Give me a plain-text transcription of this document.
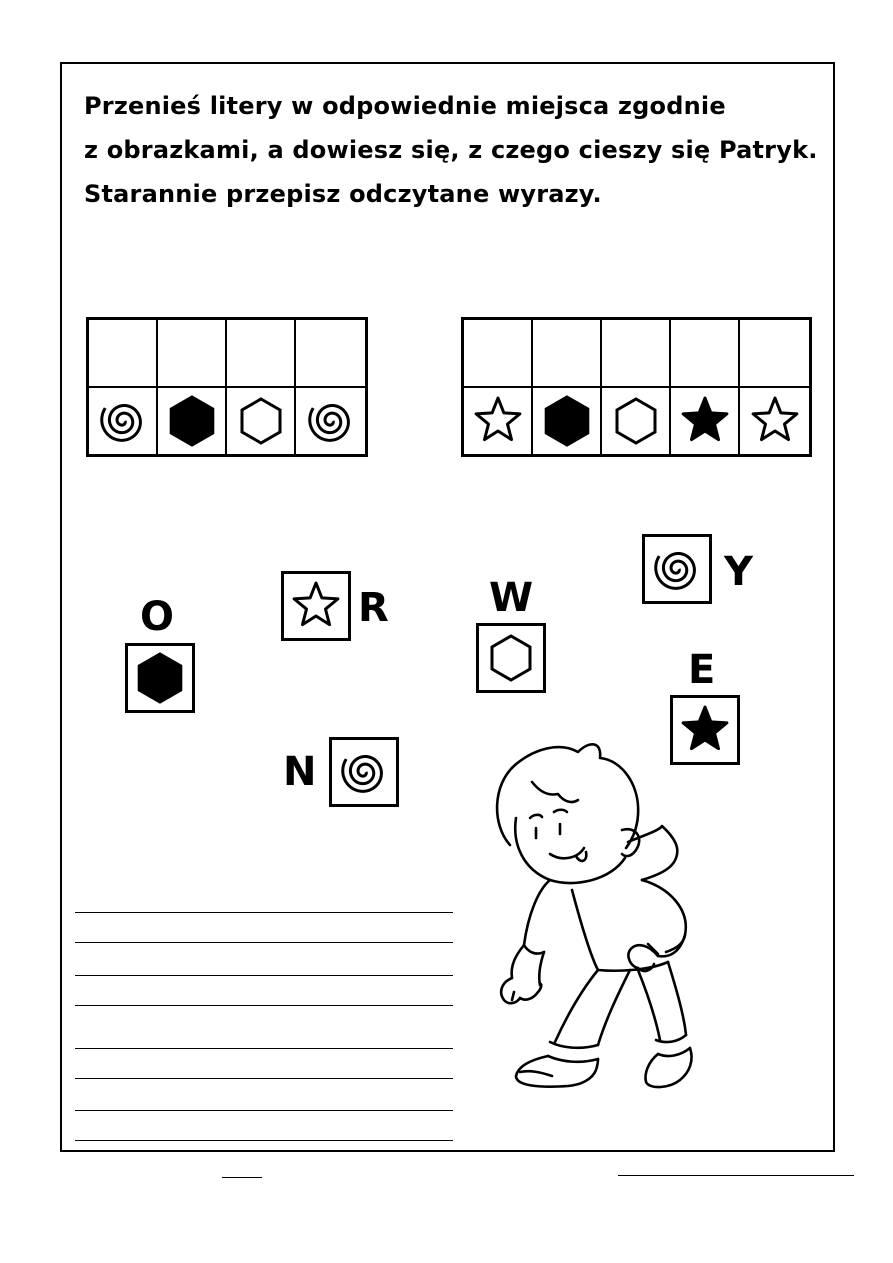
Przenieś litery w odpowiednie miejsca zgodnie
z obrazkami, a dowiesz się, z czego cieszy się Patryk.
Starannie przepisz odczytane wyrazy.
O	R	W
Y
E
N
